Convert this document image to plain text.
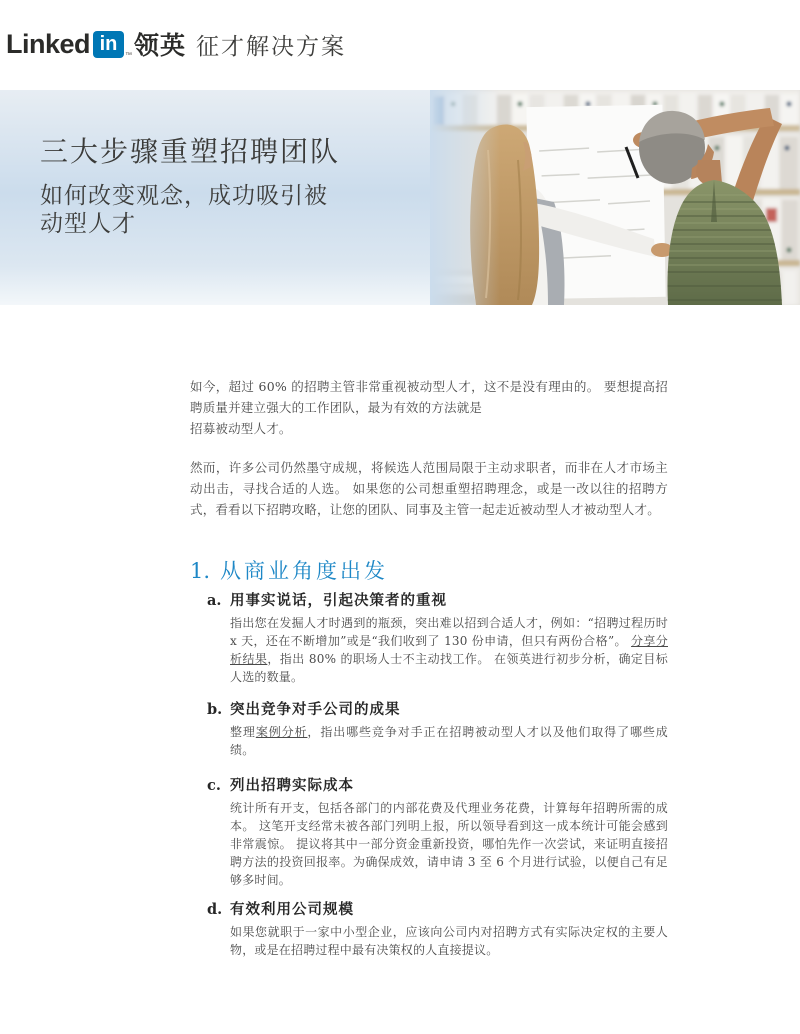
Linked in
™ 领英 征才解决方案
三大步骤重塑招聘团队

如何改变观念，成功吸引被
动型人才

如今，超过 60% 的招聘主管非常重视被动型人才，这不是没有理由的。 要想提高招聘质量并建立强大的工作团队，最为有效的方法就是
招募被动型人才。

然而，许多公司仍然墨守成规，将候选人范围局限于主动求职者，而非在人才市场主动出击，寻找合适的人选。 如果您的公司想重塑招聘理念，或是一改以往的招聘方式，看看以下招聘攻略，让您的团队、同事及主管一起走近被动型人才被动型人才。

1. 从商业角度出发
a. 用事实说话，引起决策者的重视

指出您在发掘人才时遇到的瓶颈，突出难以招到合适人才，例如：“招聘过程历时 x 天，还在不断增加”或是“我们收到了 130 份申请，但只有两份合格”。 分享分析结果，指出 80% 的职场人士不主动找工作。 在领英进行初步分析，确定目标人选的数量。

b. 突出竞争对手公司的成果

整理案例分析，指出哪些竞争对手正在招聘被动型人才以及他们取得了哪些成绩。

c. 列出招聘实际成本

统计所有开支，包括各部门的内部花费及代理业务花费，计算每年招聘所需的成本。 这笔开支经常未被各部门列明上报，所以领导看到这一成本统计可能会感到非常震惊。 提议将其中一部分资金重新投资，哪怕先作一次尝试，来证明直接招聘方法的投资回报率。为确保成效，请申请 3 至 6 个月进行试验，以便自己有足够多时间。

d. 有效利用公司规模

如果您就职于一家中小型企业，应该向公司内对招聘方式有实际决定权的主要人物，或是在招聘过程中最有决策权的人直接提议。
